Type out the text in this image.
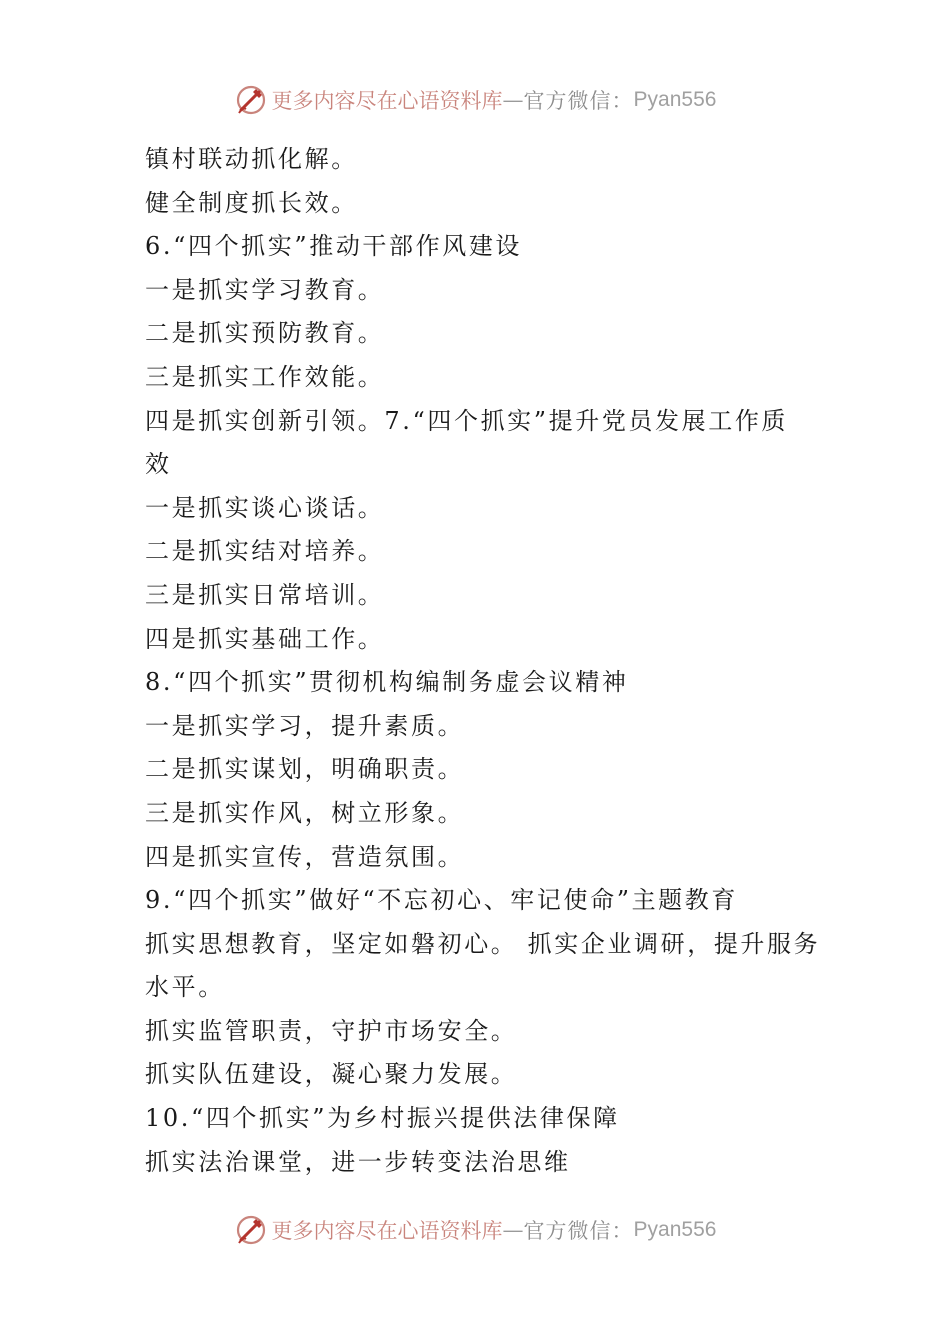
更多内容尽在心语资料库 — 官方微信： Pyan556
镇村联动抓化解。
健全制度抓长效。
6.“四个抓实”推动干部作风建设
一是抓实学习教育。
二是抓实预防教育。
三是抓实工作效能。
四是抓实创新引领。7.“四个抓实”提升党员发展工作质
效
一是抓实谈心谈话。
二是抓实结对培养。
三是抓实日常培训。
四是抓实基础工作。
8.“四个抓实”贯彻机构编制务虚会议精神
一是抓实学习，提升素质。
二是抓实谋划，明确职责。
三是抓实作风，树立形象。
四是抓实宣传，营造氛围。
9.“四个抓实”做好“不忘初心、牢记使命”主题教育
抓实思想教育，坚定如磐初心。 抓实企业调研，提升服务
水平。
抓实监管职责，守护市场安全。
抓实队伍建设，凝心聚力发展。
10.“四个抓实”为乡村振兴提供法律保障
抓实法治课堂，进一步转变法治思维
更多内容尽在心语资料库 — 官方微信： Pyan556
